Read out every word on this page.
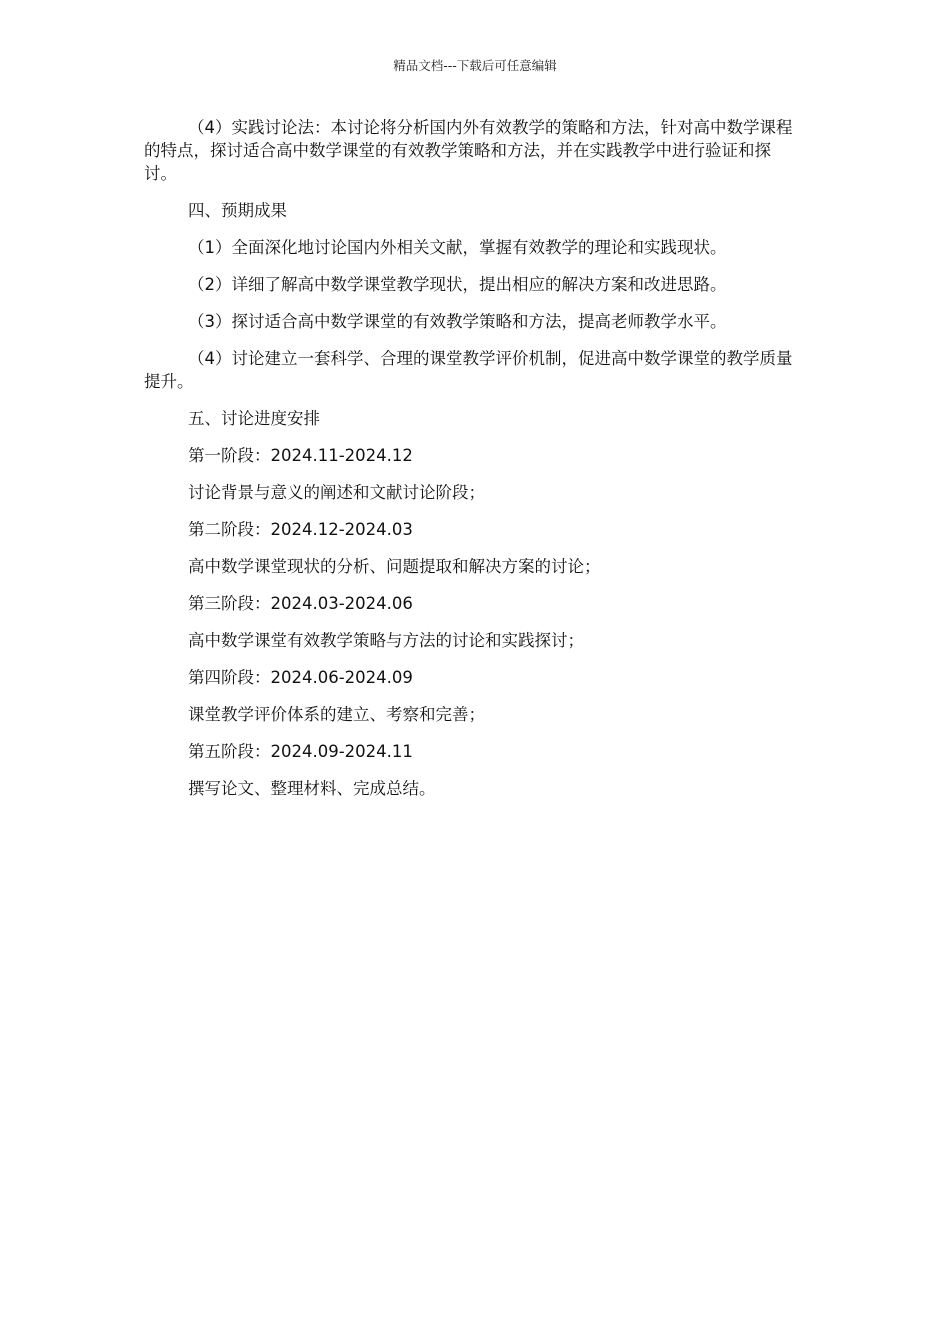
精品文档---下载后可任意编辑

（4）实践讨论法：本讨论将分析国内外有效教学的策略和方法，针对高中数学课程的特点，探讨适合高中数学课堂的有效教学策略和方法，并在实践教学中进行验证和探讨。

四、预期成果

（1）全面深化地讨论国内外相关文献，掌握有效教学的理论和实践现状。

（2）详细了解高中数学课堂教学现状，提出相应的解决方案和改进思路。

（3）探讨适合高中数学课堂的有效教学策略和方法，提高老师教学水平。

（4）讨论建立一套科学、合理的课堂教学评价机制，促进高中数学课堂的教学质量提升。

五、讨论进度安排

第一阶段：2024.11-2024.12

讨论背景与意义的阐述和文献讨论阶段；

第二阶段：2024.12-2024.03

高中数学课堂现状的分析、问题提取和解决方案的讨论；

第三阶段：2024.03-2024.06

高中数学课堂有效教学策略与方法的讨论和实践探讨；

第四阶段：2024.06-2024.09

课堂教学评价体系的建立、考察和完善；

第五阶段：2024.09-2024.11

撰写论文、整理材料、完成总结。
